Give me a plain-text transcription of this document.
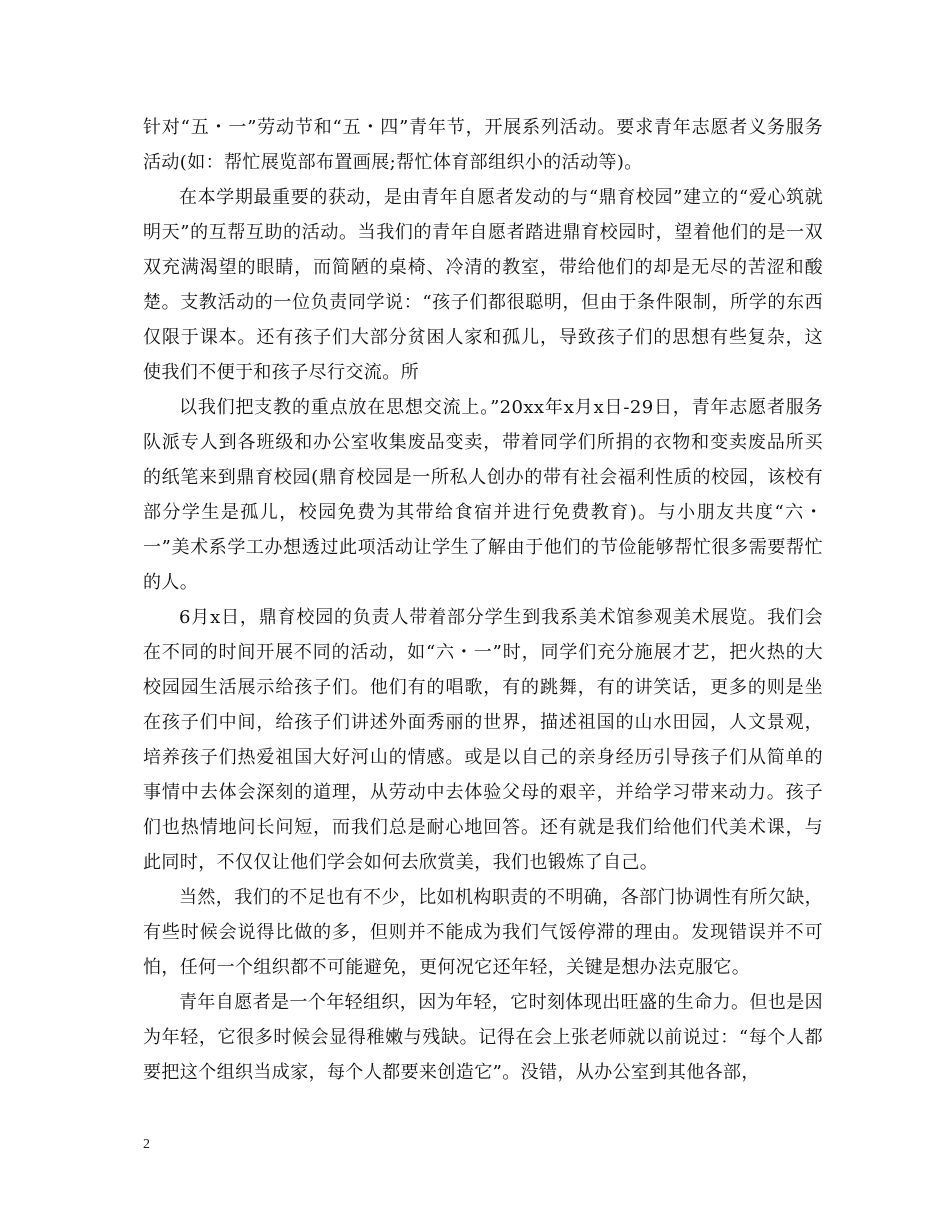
针对“五・一”劳动节和“五・四”青年节，开展系列活动。要求青年志愿者义务服务活动(如：帮忙展览部布置画展;帮忙体育部组织小的活动等)。

在本学期最重要的获动，是由青年自愿者发动的与“鼎育校园”建立的“爱心筑就明天”的互帮互助的活动。当我们的青年自愿者踏进鼎育校园时，望着他们的是一双双充满渴望的眼睛，而简陋的桌椅、冷清的教室，带给他们的却是无尽的苦涩和酸楚。支教活动的一位负责同学说：“孩子们都很聪明，但由于条件限制，所学的东西仅限于课本。还有孩子们大部分贫困人家和孤儿，导致孩子们的思想有些复杂，这使我们不便于和孩子尽行交流。所

以我们把支教的重点放在思想交流上。”20xx年x月x日-29日，青年志愿者服务队派专人到各班级和办公室收集废品变卖，带着同学们所捐的衣物和变卖废品所买的纸笔来到鼎育校园(鼎育校园是一所私人创办的带有社会福利性质的校园，该校有部分学生是孤儿，校园免费为其带给食宿并进行免费教育)。与小朋友共度“六・一”美术系学工办想透过此项活动让学生了解由于他们的节俭能够帮忙很多需要帮忙的人。

6月x日，鼎育校园的负责人带着部分学生到我系美术馆参观美术展览。我们会在不同的时间开展不同的活动，如“六・一”时，同学们充分施展才艺，把火热的大校园园生活展示给孩子们。他们有的唱歌，有的跳舞，有的讲笑话，更多的则是坐在孩子们中间，给孩子们讲述外面秀丽的世界，描述祖国的山水田园，人文景观，培养孩子们热爱祖国大好河山的情感。或是以自己的亲身经历引导孩子们从简单的事情中去体会深刻的道理，从劳动中去体验父母的艰辛，并给学习带来动力。孩子们也热情地问长问短，而我们总是耐心地回答。还有就是我们给他们代美术课，与此同时，不仅仅让他们学会如何去欣赏美，我们也锻炼了自己。

当然，我们的不足也有不少，比如机构职责的不明确，各部门协调性有所欠缺，有些时候会说得比做的多，但则并不能成为我们气馁停滞的理由。发现错误并不可怕，任何一个组织都不可能避免，更何况它还年轻，关键是想办法克服它。

青年自愿者是一个年轻组织，因为年轻，它时刻体现出旺盛的生命力。但也是因为年轻，它很多时候会显得稚嫩与残缺。记得在会上张老师就以前说过：“每个人都要把这个组织当成家，每个人都要来创造它”。没错，从办公室到其他各部，

2
